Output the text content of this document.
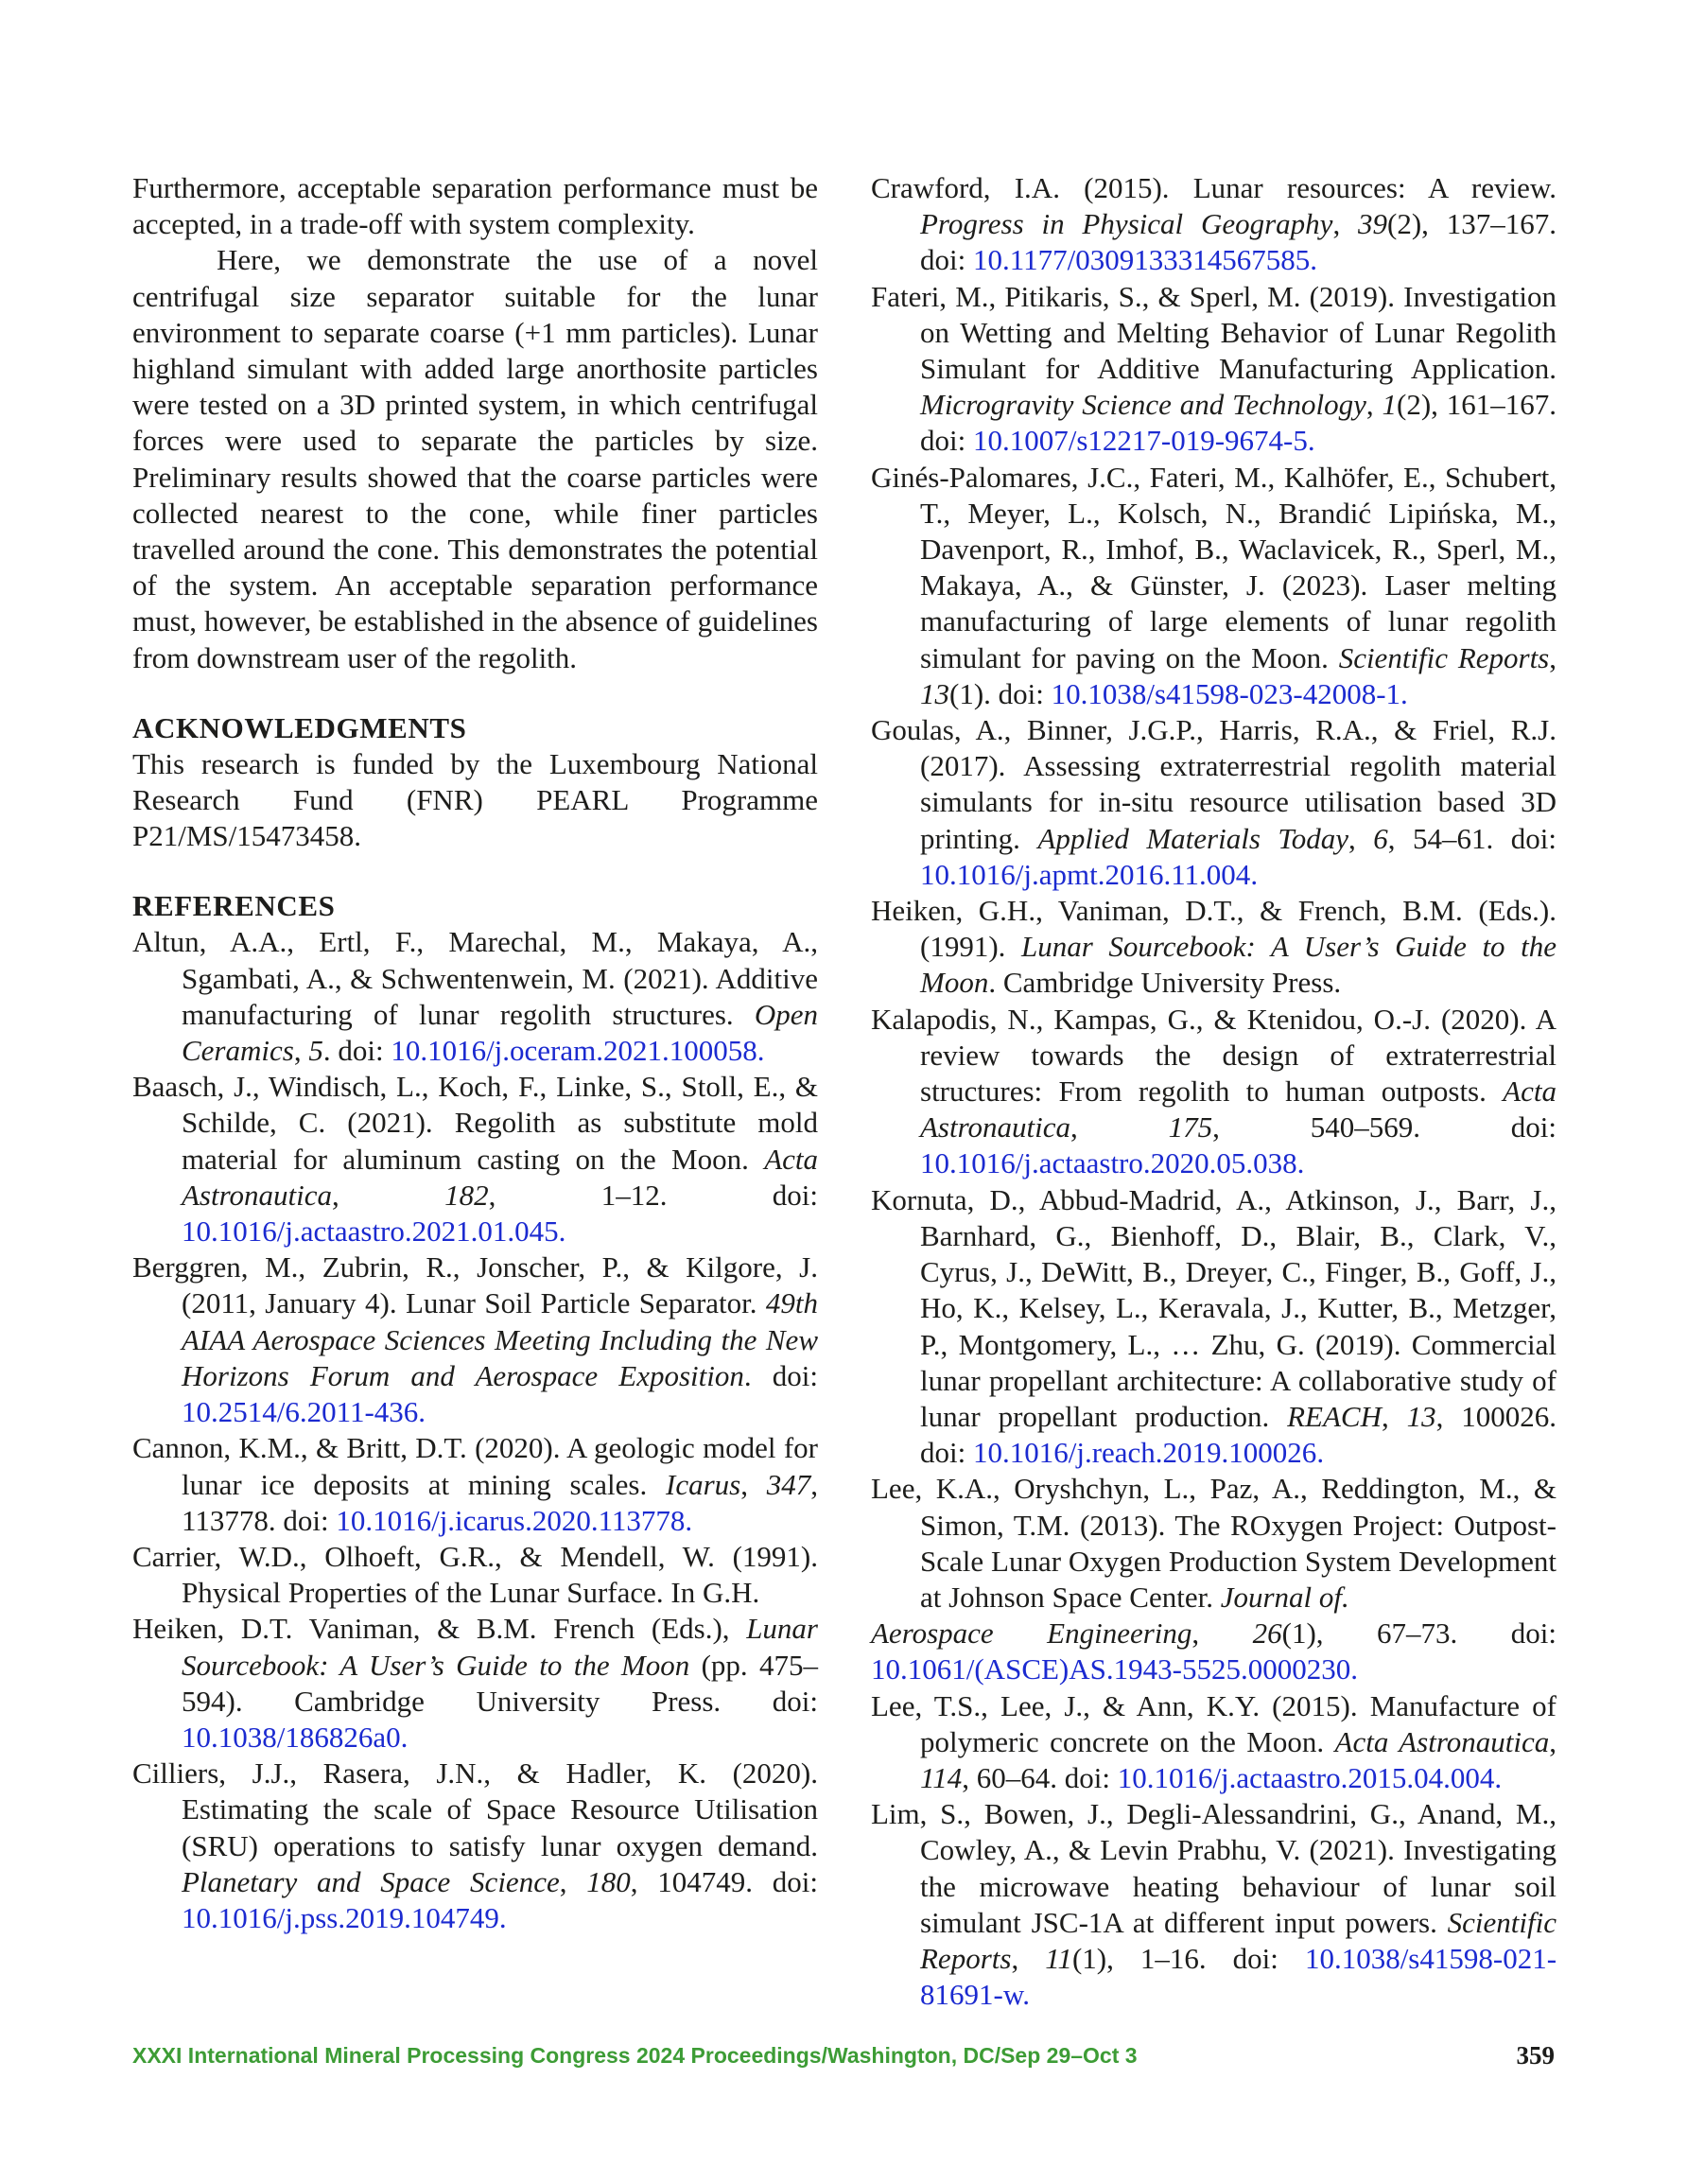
Furthermore, acceptable separation performance must be accepted, in a trade-off with system complexity.

Here, we demonstrate the use of a novel centrifugal size separator suitable for the lunar environment to separate coarse (+1 mm particles). Lunar highland simulant with added large anorthosite particles were tested on a 3D printed system, in which centrifugal forces were used to separate the particles by size. Preliminary results showed that the coarse particles were collected nearest to the cone, while finer particles travelled around the cone. This demonstrates the potential of the system. An acceptable separation performance must, however, be established in the absence of guidelines from downstream user of the regolith.

ACKNOWLEDGMENTS

This research is funded by the Luxembourg National Research Fund (FNR) PEARL Programme P21/MS/15473458.

REFERENCES

Altun, A.A., Ertl, F., Marechal, M., Makaya, A., Sgambati, A., & Schwentenwein, M. (2021). Additive manufacturing of lunar regolith structures. Open Ceramics, 5. doi: 10.1016/j.oceram.2021.100058.

Baasch, J., Windisch, L., Koch, F., Linke, S., Stoll, E., & Schilde, C. (2021). Regolith as substitute mold material for aluminum casting on the Moon. Acta Astronautica, 182, 1–12. doi: 10.1016/j.actaastro.2021.01.045.

Berggren, M., Zubrin, R., Jonscher, P., & Kilgore, J. (2011, January 4). Lunar Soil Particle Separator. 49th AIAA Aerospace Sciences Meeting Including the New Horizons Forum and Aerospace Exposition. doi: 10.2514/6.2011-436.

Cannon, K.M., & Britt, D.T. (2020). A geologic model for lunar ice deposits at mining scales. Icarus, 347, 113778. doi: 10.1016/j.icarus.2020.113778.

Carrier, W.D., Olhoeft, G.R., & Mendell, W. (1991). Physical Properties of the Lunar Surface. In G.H.

Heiken, D.T. Vaniman, & B.M. French (Eds.), Lunar Sourcebook: A User’s Guide to the Moon (pp. 475–594). Cambridge University Press. doi: 10.1038/186826a0.

Cilliers, J.J., Rasera, J.N., & Hadler, K. (2020). Estimating the scale of Space Resource Utilisation (SRU) operations to satisfy lunar oxygen demand. Planetary and Space Science, 180, 104749. doi: 10.1016/j.pss.2019.104749.

Crawford, I.A. (2015). Lunar resources: A review. Progress in Physical Geography, 39(2), 137–167. doi: 10.1177/0309133314567585.

Fateri, M., Pitikaris, S., & Sperl, M. (2019). Investigation on Wetting and Melting Behavior of Lunar Regolith Simulant for Additive Manufacturing Application. Microgravity Science and Technology, 1(2), 161–167. doi: 10.1007/s12217-019-9674-5.

Ginés-Palomares, J.C., Fateri, M., Kalhöfer, E., Schubert, T., Meyer, L., Kolsch, N., Brandić Lipińska, M., Davenport, R., Imhof, B., Waclavicek, R., Sperl, M., Makaya, A., & Günster, J. (2023). Laser melting manufacturing of large elements of lunar regolith simulant for paving on the Moon. Scientific Reports, 13(1). doi: 10.1038/s41598-023-42008-1.

Goulas, A., Binner, J.G.P., Harris, R.A., & Friel, R.J. (2017). Assessing extraterrestrial regolith material simulants for in-situ resource utilisation based 3D printing. Applied Materials Today, 6, 54–61. doi: 10.1016/j.apmt.2016.11.004.

Heiken, G.H., Vaniman, D.T., & French, B.M. (Eds.). (1991). Lunar Sourcebook: A User’s Guide to the Moon. Cambridge University Press.

Kalapodis, N., Kampas, G., & Ktenidou, O.-J. (2020). A review towards the design of extraterrestrial structures: From regolith to human outposts. Acta Astronautica, 175, 540–569. doi: 10.1016/j.actaastro.2020.05.038.

Kornuta, D., Abbud-Madrid, A., Atkinson, J., Barr, J., Barnhard, G., Bienhoff, D., Blair, B., Clark, V., Cyrus, J., DeWitt, B., Dreyer, C., Finger, B., Goff, J., Ho, K., Kelsey, L., Keravala, J., Kutter, B., Metzger, P., Montgomery, L., … Zhu, G. (2019). Commercial lunar propellant architecture: A collaborative study of lunar propellant production. REACH, 13, 100026. doi: 10.1016/j.reach.2019.100026.

Lee, K.A., Oryshchyn, L., Paz, A., Reddington, M., & Simon, T.M. (2013). The ROxygen Project: Outpost-Scale Lunar Oxygen Production System Development at Johnson Space Center. Journal of.

Aerospace Engineering, 26(1), 67–73. doi: 10.1061/(ASCE)AS.1943-5525.0000230.

Lee, T.S., Lee, J., & Ann, K.Y. (2015). Manufacture of polymeric concrete on the Moon. Acta Astronautica, 114, 60–64. doi: 10.1016/j.actaastro.2015.04.004.

Lim, S., Bowen, J., Degli-Alessandrini, G., Anand, M., Cowley, A., & Levin Prabhu, V. (2021). Investigating the microwave heating behaviour of lunar soil simulant JSC-1A at different input powers. Scientific Reports, 11(1), 1–16. doi: 10.1038/s41598-021-81691-w.

XXXI International Mineral Processing Congress 2024 Proceedings/Washington, DC/Sep 29–Oct 3	359
